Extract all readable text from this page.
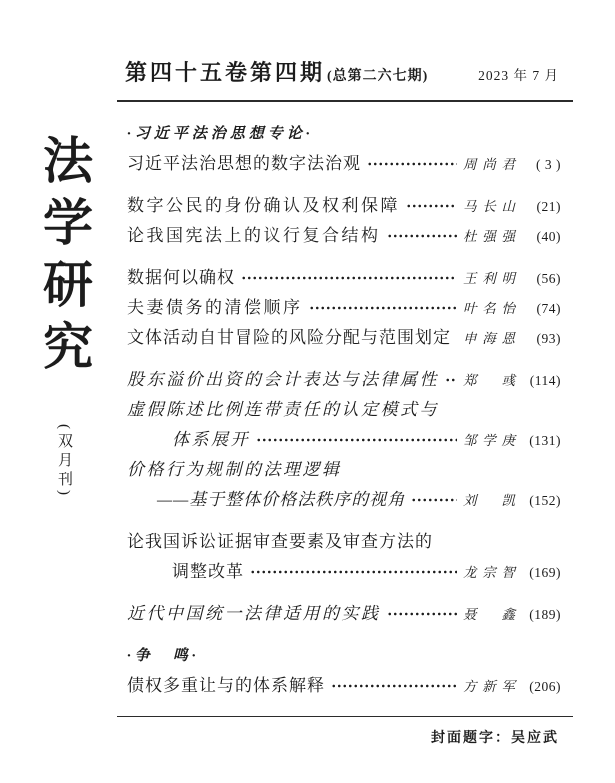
法学研究 (双月刊)
第四十五卷第四期 (总第二六七期)	2023 年 7 月
·习近平法治思想专论·
习近平法治思想的数字法治观	周尚君	( 3 )
数字公民的身份确认及权利保障	马长山	(21)
论我国宪法上的议行复合结构	杜强强	(40)
数据何以确权	王利明	(56)
夫妻债务的清偿顺序	叶名怡	(74)
文体活动自甘冒险的风险分配与范围划定 申海恩	(93)
股东溢价出资的会计表达与法律属性 郑　彧	(114)
虚假陈述比例连带责任的认定模式与
体系展开	邹学庚	(131)
价格行为规制的法理逻辑
——基于整体价格法秩序的视角	刘　凯	(152)
论我国诉讼证据审查要素及审查方法的
调整改革	龙宗智	(169)
近代中国统一法律适用的实践	聂　鑫	(189)
·争　鸣·
债权多重让与的体系解释	方新军	(206)
封面题字：吴应武
